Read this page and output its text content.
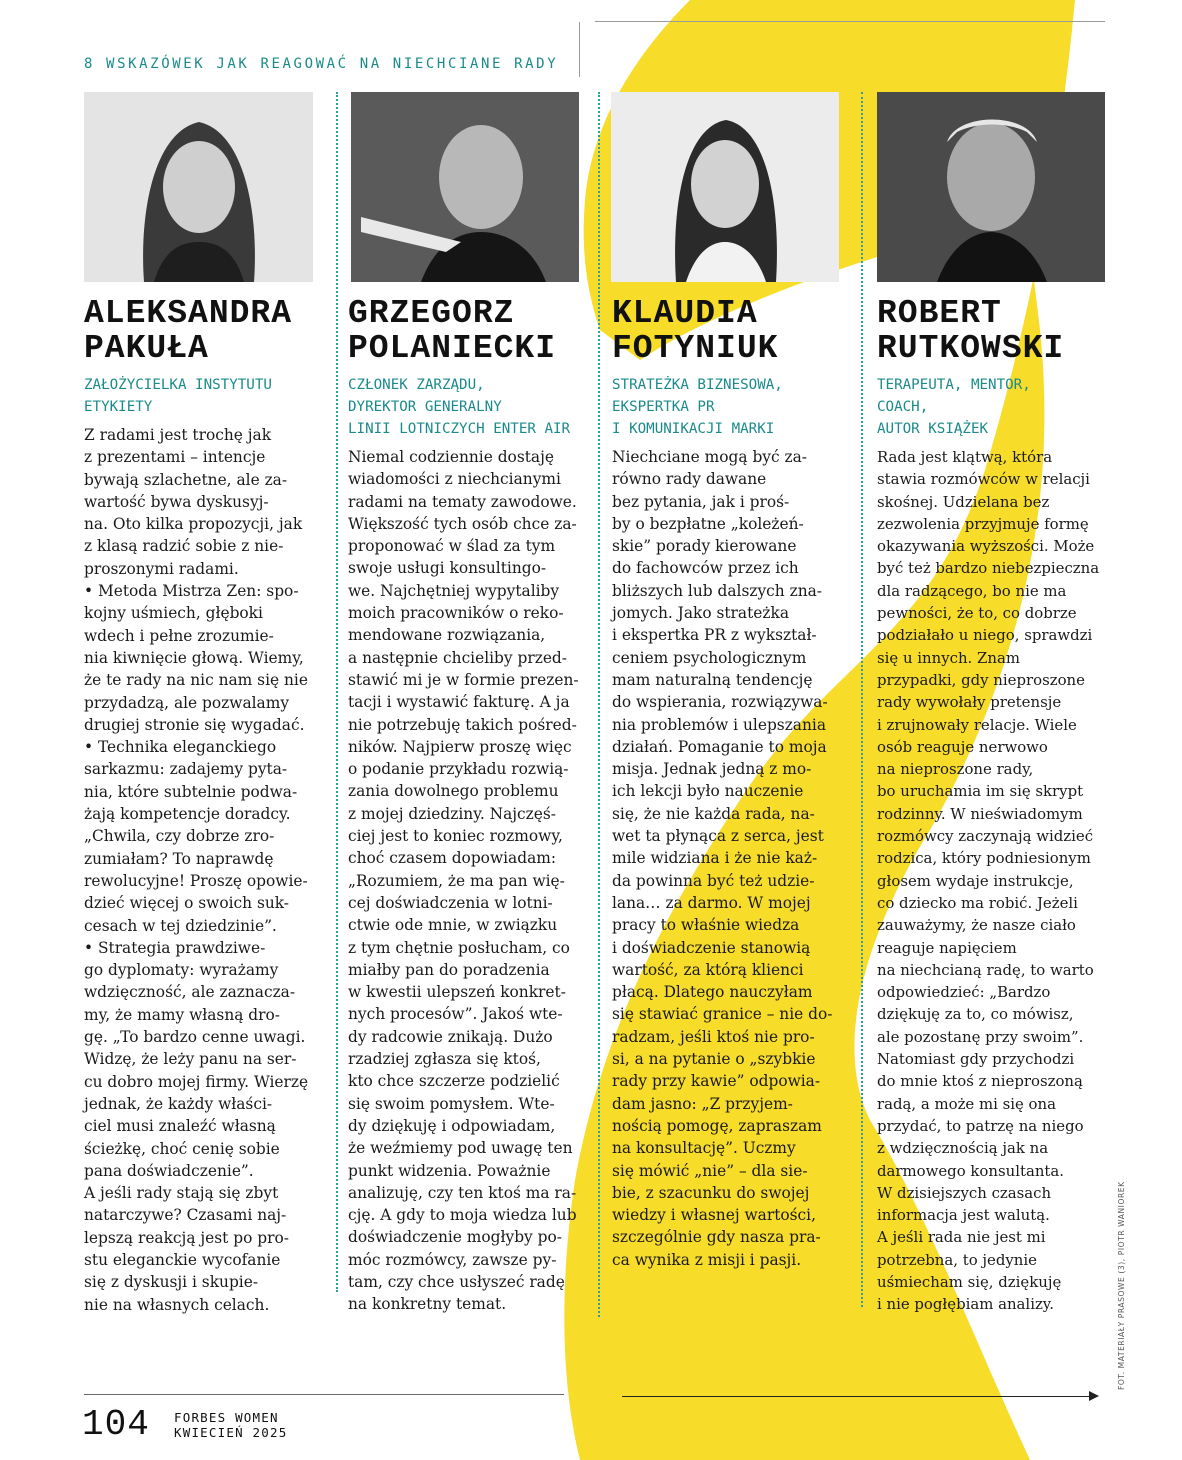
8 WSKAZÓWEK JAK REAGOWAĆ NA NIECHCIANE RADY
ALEKSANDRA
PAKUŁA
ZAŁOŻYCIELKA INSTYTUTU
ETYKIETY
Z radami jest trochę jak
z prezentami – intencje
bywają szlachetne, ale za-
wartość bywa dyskusyj-
na. Oto kilka propozycji, jak
z klasą radzić sobie z nie-
proszonymi radami.
• Metoda Mistrza Zen: spo-
kojny uśmiech, głęboki
wdech i pełne zrozumie-
nia kiwnięcie głową. Wiemy,
że te rady na nic nam się nie
przydadzą, ale pozwalamy
drugiej stronie się wygadać.
• Technika eleganckiego
sarkazmu: zadajemy pyta-
nia, które subtelnie podwa-
żają kompetencje doradcy.
„Chwila, czy dobrze zro-
zumiałam? To naprawdę
rewolucyjne! Proszę opowie-
dzieć więcej o swoich suk-
cesach w tej dziedzinie”.
• Strategia prawdziwe-
go dyplomaty: wyrażamy
wdzięczność, ale zaznacza-
my, że mamy własną dro-
gę. „To bardzo cenne uwagi.
Widzę, że leży panu na ser-
cu dobro mojej firmy. Wierzę
jednak, że każdy właści-
ciel musi znaleźć własną
ścieżkę, choć cenię sobie
pana doświadczenie”.
A jeśli rady stają się zbyt
natarczywe? Czasami naj-
lepszą reakcją jest po pro-
stu eleganckie wycofanie
się z dyskusji i skupie-
nie na własnych celach.
GRZEGORZ
POLANIECKI
CZŁONEK ZARZĄDU,
DYREKTOR GENERALNY
LINII LOTNICZYCH ENTER AIR
Niemal codziennie dostaję
wiadomości z niechcianymi
radami na tematy zawodowe.
Większość tych osób chce za-
proponować w ślad za tym
swoje usługi konsultingo-
we. Najchętniej wypytaliby
moich pracowników o reko-
mendowane rozwiązania,
a następnie chcieliby przed-
stawić mi je w formie prezen-
tacji i wystawić fakturę. A ja
nie potrzebuję takich pośred-
ników. Najpierw proszę więc
o podanie przykładu rozwią-
zania dowolnego problemu
z mojej dziedziny. Najczęś-
ciej jest to koniec rozmowy,
choć czasem dopowiadam:
„Rozumiem, że ma pan wię-
cej doświadczenia w lotni-
ctwie ode mnie, w związku
z tym chętnie posłucham, co
miałby pan do poradzenia
w kwestii ulepszeń konkret-
nych procesów”. Jakoś wte-
dy radcowie znikają. Dużo
rzadziej zgłasza się ktoś,
kto chce szczerze podzielić
się swoim pomysłem. Wte-
dy dziękuję i odpowiadam,
że weźmiemy pod uwagę ten
punkt widzenia. Poważnie
analizuję, czy ten ktoś ma ra-
cję. A gdy to moja wiedza lub
doświadczenie mogłyby po-
móc rozmówcy, zawsze py-
tam, czy chce usłyszeć radę
na konkretny temat.
KLAUDIA
FOTYNIUK
STRATEŻKA BIZNESOWA,
EKSPERTKA PR
I KOMUNIKACJI MARKI
Niechciane mogą być za-
równo rady dawane
bez pytania, jak i proś-
by o bezpłatne „koleżeń-
skie” porady kierowane
do fachowców przez ich
bliższych lub dalszych zna-
jomych. Jako strateżka
i ekspertka PR z wykształ-
ceniem psychologicznym
mam naturalną tendencję
do wspierania, rozwiązywa-
nia problemów i ulepszania
działań. Pomaganie to moja
misja. Jednak jedną z mo-
ich lekcji było nauczenie
się, że nie każda rada, na-
wet ta płynąca z serca, jest
mile widziana i że nie każ-
da powinna być też udzie-
lana… za darmo. W mojej
pracy to właśnie wiedza
i doświadczenie stanowią
wartość, za którą klienci
płacą. Dlatego nauczyłam
się stawiać granice – nie do-
radzam, jeśli ktoś nie pro-
si, a na pytanie o „szybkie
rady przy kawie” odpowia-
dam jasno: „Z przyjem-
nością pomogę, zapraszam
na konsultację”. Uczmy
się mówić „nie” – dla sie-
bie, z szacunku do swojej
wiedzy i własnej wartości,
szczególnie gdy nasza pra-
ca wynika z misji i pasji.
ROBERT
RUTKOWSKI
TERAPEUTA, MENTOR,
COACH,
AUTOR KSIĄŻEK
Rada jest klątwą, która
stawia rozmówców w relacji
skośnej. Udzielana bez
zezwolenia przyjmuje formę
okazywania wyższości. Może
być też bardzo niebezpieczna
dla radzącego, bo nie ma
pewności, że to, co dobrze
podziałało u niego, sprawdzi
się u innych. Znam
przypadki, gdy nieproszone
rady wywołały pretensje
i zrujnowały relacje. Wiele
osób reaguje nerwowo
na nieproszone rady,
bo uruchamia im się skrypt
rodzinny. W nieświadomym
rozmówcy zaczynają widzieć
rodzica, który podniesionym
głosem wydaje instrukcje,
co dziecko ma robić. Jeżeli
zauważymy, że nasze ciało
reaguje napięciem
na niechcianą radę, to warto
odpowiedzieć: „Bardzo
dziękuję za to, co mówisz,
ale pozostanę przy swoim”.
Natomiast gdy przychodzi
do mnie ktoś z nieproszoną
radą, a może mi się ona
przydać, to patrzę na niego
z wdzięcznością jak na
darmowego konsultanta.
W dzisiejszych czasach
informacja jest walutą.
A jeśli rada nie jest mi
potrzebna, to jedynie
uśmiecham się, dziękuję
i nie pogłębiam analizy.
104 FORBES WOMEN
KWIECIEŃ 2025
FOT. MATERIAŁY PRASOWE (3), PIOTR WANIOREK
